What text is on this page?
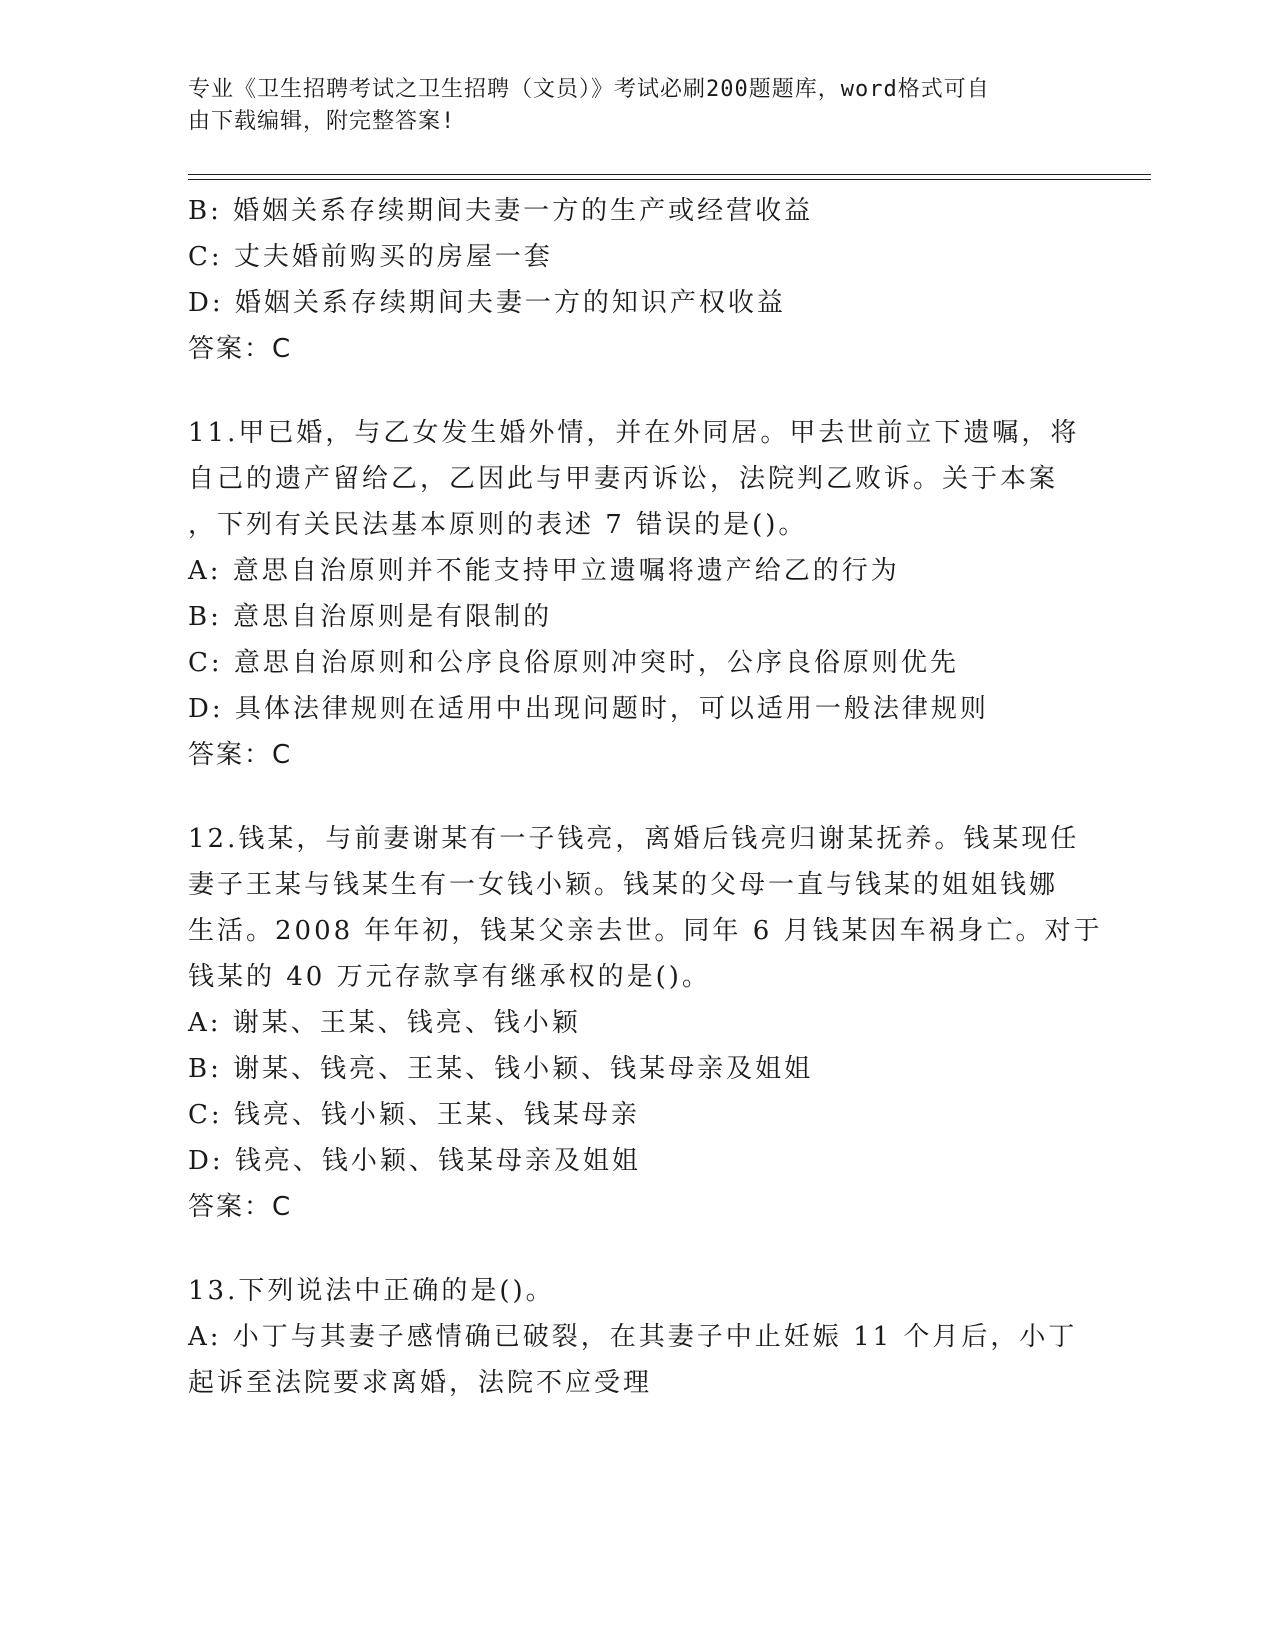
专业《卫生招聘考试之卫生招聘（文员）》考试必刷200题题库，word格式可自
由下载编辑，附完整答案!
B: 婚姻关系存续期间夫妻一方的生产或经营收益
C: 丈夫婚前购买的房屋一套
D: 婚姻关系存续期间夫妻一方的知识产权收益
答案：C
11.甲已婚，与乙女发生婚外情，并在外同居。甲去世前立下遗嘱，将
自己的遗产留给乙，乙因此与甲妻丙诉讼，法院判乙败诉。关于本案
，下列有关民法基本原则的表述 7 错误的是()。
A: 意思自治原则并不能支持甲立遗嘱将遗产给乙的行为
B: 意思自治原则是有限制的
C: 意思自治原则和公序良俗原则冲突时，公序良俗原则优先
D: 具体法律规则在适用中出现问题时，可以适用一般法律规则
答案：C
12.钱某，与前妻谢某有一子钱亮，离婚后钱亮归谢某抚养。钱某现任
妻子王某与钱某生有一女钱小颖。钱某的父母一直与钱某的姐姐钱娜
生活。2008 年年初，钱某父亲去世。同年 6 月钱某因车祸身亡。对于
钱某的 40 万元存款享有继承权的是()。
A: 谢某、王某、钱亮、钱小颖
B: 谢某、钱亮、王某、钱小颖、钱某母亲及姐姐
C: 钱亮、钱小颖、王某、钱某母亲
D: 钱亮、钱小颖、钱某母亲及姐姐
答案：C
13.下列说法中正确的是()。
A: 小丁与其妻子感情确已破裂，在其妻子中止妊娠 11 个月后，小丁
起诉至法院要求离婚，法院不应受理
